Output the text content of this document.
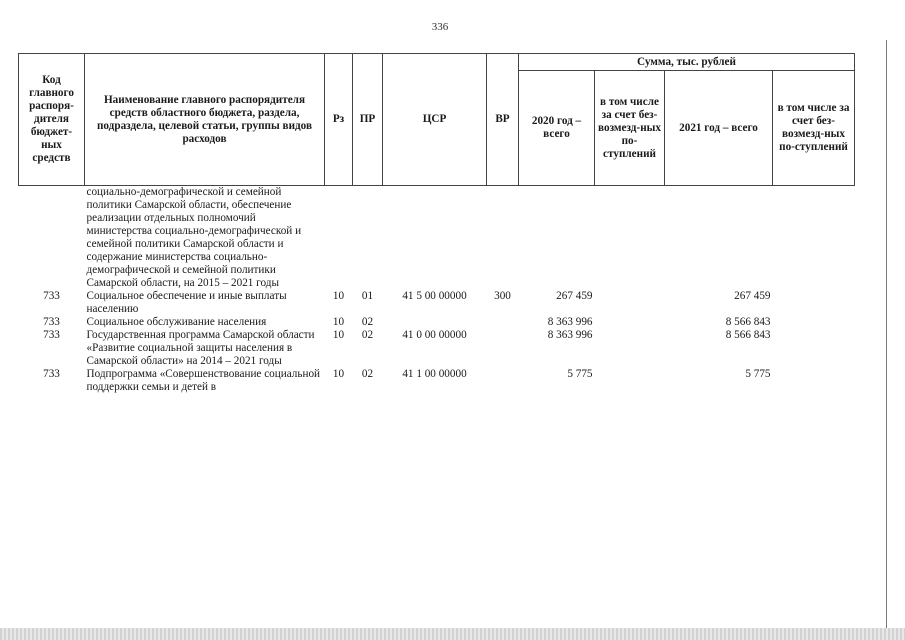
336
Код главного распоря-дителя бюджет-ных средств	Наименование главного распорядителя средств областного бюджета, раздела, подраздела, целевой статьи, группы видов расходов	Рз	ПР	ЦСР	ВР	Сумма, тыс. рублей			
						2020 год – всего	в том числе за счет без-возмезд-ных по-ступлений	2021 год – всего	в том числе за счет без-возмезд-ных по-ступлений
	социально-демографической и семейной политики Самарской области, обеспечение реализации отдельных полномочий министерства социально-демографической и семейной политики Самарской области и содержание министерства социально-демографической и семейной политики Самарской области, на 2015 – 2021 годы								
733	Социальное обеспечение и иные выплаты населению	10	01	41 5 00 00000	300	267 459		267 459	
733	Социальное обслуживание населения	10	02			8 363 996		8 566 843	
733	Государственная программа Самарской области «Развитие социальной защиты населения в Самарской области» на 2014 – 2021 годы	10	02	41 0 00 00000		8 363 996		8 566 843	
733	Подпрограмма «Совершенствование социальной поддержки семьи и детей в	10	02	41 1 00 00000		5 775		5 775	
